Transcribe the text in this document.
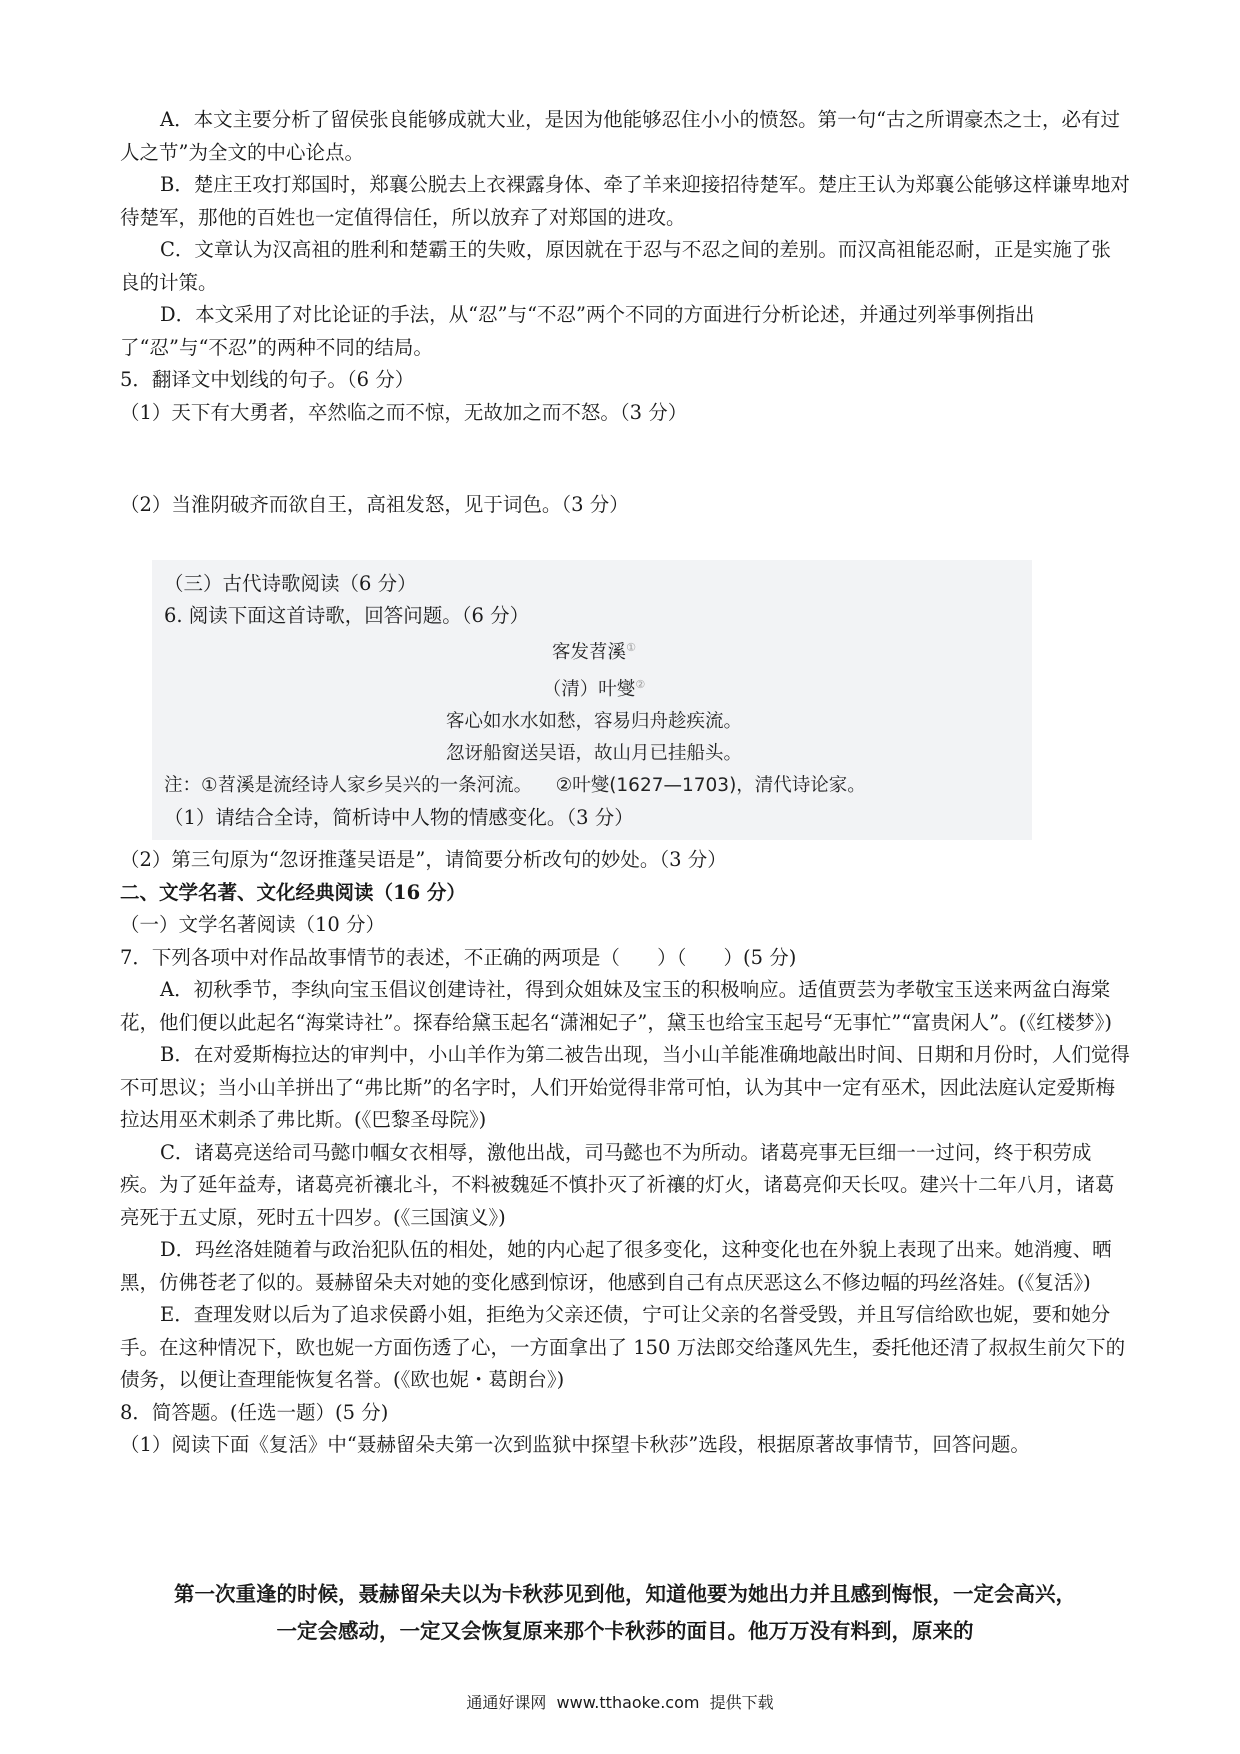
A．本文主要分析了留侯张良能够成就大业，是因为他能够忍住小小的愤怒。第一句“古之所谓豪杰之士，必有过人之节”为全文的中心论点。

B．楚庄王攻打郑国时，郑襄公脱去上衣裸露身体、牵了羊来迎接招待楚军。楚庄王认为郑襄公能够这样谦卑地对待楚军，那他的百姓也一定值得信任，所以放弃了对郑国的进攻。

C．文章认为汉高祖的胜利和楚霸王的失败，原因就在于忍与不忍之间的差别。而汉高祖能忍耐，正是实施了张良的计策。

D．本文采用了对比论证的手法，从“忍”与“不忍”两个不同的方面进行分析论述，并通过列举事例指出了“忍”与“不忍”的两种不同的结局。

5．翻译文中划线的句子。（6 分）

（1）天下有大勇者，卒然临之而不惊，无故加之而不怒。（3 分）

（2）当淮阴破齐而欲自王，高祖发怒，见于词色。（3 分）

（三）古代诗歌阅读（6 分）

6. 阅读下面这首诗歌，回答问题。（6 分）

客发苕溪①

（清）叶燮②

客心如水水如愁，容易归舟趁疾流。

忽讶船窗送吴语，故山月已挂船头。

注：①苕溪是流经诗人家乡吴兴的一条河流。    ②叶燮(1627—1703)，清代诗论家。

（1）请结合全诗，简析诗中人物的情感变化。（3 分）

（2）第三句原为“忽讶推蓬吴语是”，请简要分析改句的妙处。（3 分）

二、文学名著、文化经典阅读（16 分）

（一）文学名著阅读（10 分）

7．下列各项中对作品故事情节的表述，不正确的两项是（      ）（      ）(5 分)

A．初秋季节，李纨向宝玉倡议创建诗社，得到众姐妹及宝玉的积极响应。适值贾芸为孝敬宝玉送来两盆白海棠花，他们便以此起名“海棠诗社”。探春给黛玉起名“潇湘妃子”，黛玉也给宝玉起号“无事忙”“富贵闲人”。(《红楼梦》)

B．在对爱斯梅拉达的审判中，小山羊作为第二被告出现，当小山羊能准确地敲出时间、日期和月份时，人们觉得不可思议；当小山羊拼出了“弗比斯”的名字时，人们开始觉得非常可怕，认为其中一定有巫术，因此法庭认定爱斯梅拉达用巫术刺杀了弗比斯。(《巴黎圣母院》)

C．诸葛亮送给司马懿巾帼女衣相辱，激他出战，司马懿也不为所动。诸葛亮事无巨细一一过问，终于积劳成疾。为了延年益寿，诸葛亮祈禳北斗，不料被魏延不慎扑灭了祈禳的灯火，诸葛亮仰天长叹。建兴十二年八月，诸葛亮死于五丈原，死时五十四岁。(《三国演义》)

D．玛丝洛娃随着与政治犯队伍的相处，她的内心起了很多变化，这种变化也在外貌上表现了出来。她消瘦、晒黑，仿佛苍老了似的。聂赫留朵夫对她的变化感到惊讶，他感到自己有点厌恶这么不修边幅的玛丝洛娃。(《复活》)

E．查理发财以后为了追求侯爵小姐，拒绝为父亲还债，宁可让父亲的名誉受毁，并且写信给欧也妮，要和她分手。在这种情况下，欧也妮一方面伤透了心，一方面拿出了 150 万法郎交给蓬风先生，委托他还清了叔叔生前欠下的债务，以便让查理能恢复名誉。(《欧也妮・葛朗台》)

8．简答题。(任选一题）(5 分)

（1）阅读下面《复活》中“聂赫留朵夫第一次到监狱中探望卡秋莎”选段，根据原著故事情节，回答问题。

第一次重逢的时候，聂赫留朵夫以为卡秋莎见到他，知道他要为她出力并且感到悔恨，一定会高兴，

一定会感动，一定又会恢复原来那个卡秋莎的面目。他万万没有料到，原来的

通通好课网  www.tthaoke.com  提供下载
